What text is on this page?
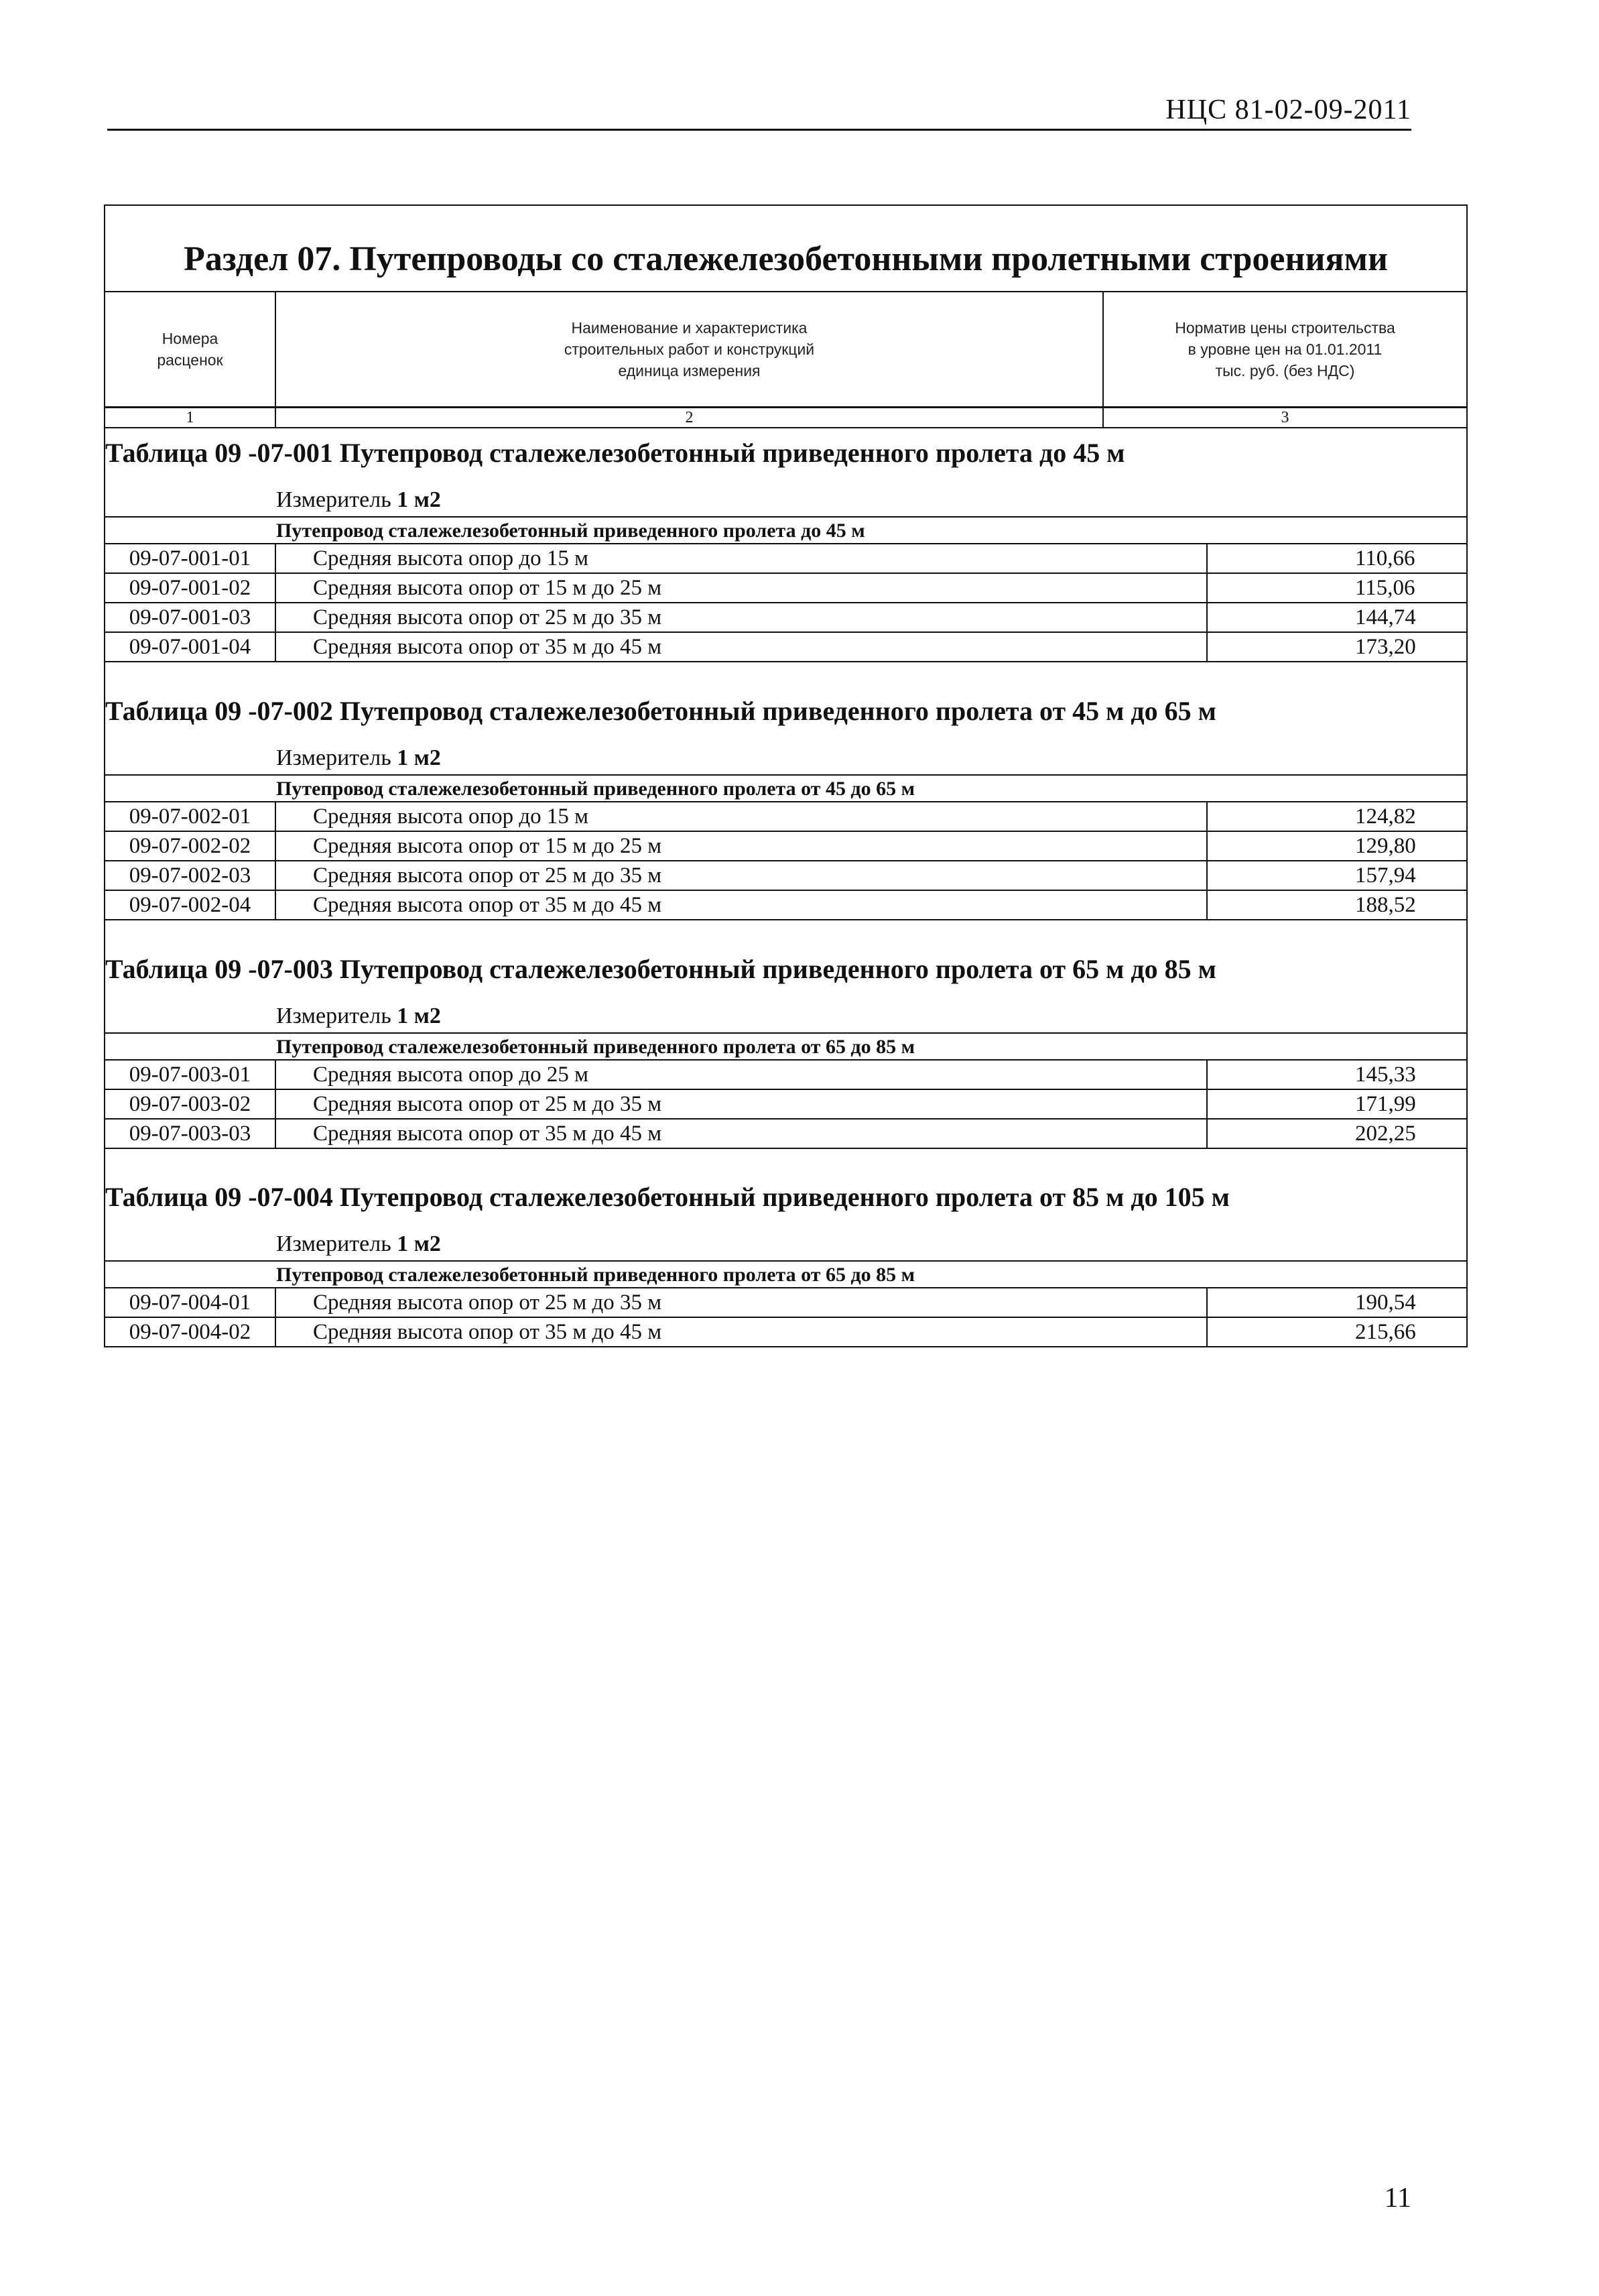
НЦС 81-02-09-2011
Раздел 07. Путепроводы со сталежелезобетонными пролетными строениями
Номера
расценок
Наименование и характеристика
строительных работ и конструкций
единица измерения
Норматив цены строительства
в уровне цен на 01.01.2011
тыс. руб. (без НДС)
1	2	3
Таблица 09 -07-001 Путепровод сталежелезобетонный приведенного пролета до 45 м
Измеритель 1 м2
Путепровод сталежелезобетонный приведенного пролета до 45 м
09-07-001-01	Средняя высота опор до 15 м	110,66
09-07-001-02	Средняя высота опор от 15 м до 25 м	115,06
09-07-001-03	Средняя высота опор от 25 м до 35 м	144,74
09-07-001-04	Средняя высота опор от 35 м до 45 м	173,20
Таблица 09 -07-002 Путепровод сталежелезобетонный приведенного пролета от 45 м до 65 м
Измеритель 1 м2
Путепровод сталежелезобетонный приведенного пролета от 45 до 65 м
09-07-002-01	Средняя высота опор до 15 м	124,82
09-07-002-02	Средняя высота опор от 15 м до 25 м	129,80
09-07-002-03	Средняя высота опор от 25 м до 35 м	157,94
09-07-002-04	Средняя высота опор от 35 м до 45 м	188,52
Таблица 09 -07-003 Путепровод сталежелезобетонный приведенного пролета от 65 м до 85 м
Измеритель 1 м2
Путепровод сталежелезобетонный приведенного пролета от 65 до 85 м
09-07-003-01	Средняя высота опор до 25 м	145,33
09-07-003-02	Средняя высота опор от 25 м до 35 м	171,99
09-07-003-03	Средняя высота опор от 35 м до 45 м	202,25
Таблица 09 -07-004 Путепровод сталежелезобетонный приведенного пролета от 85 м до 105 м
Измеритель 1 м2
Путепровод сталежелезобетонный приведенного пролета от 65 до 85 м
09-07-004-01	Средняя высота опор от 25 м до 35 м	190,54
09-07-004-02	Средняя высота опор от 35 м до 45 м	215,66
11
